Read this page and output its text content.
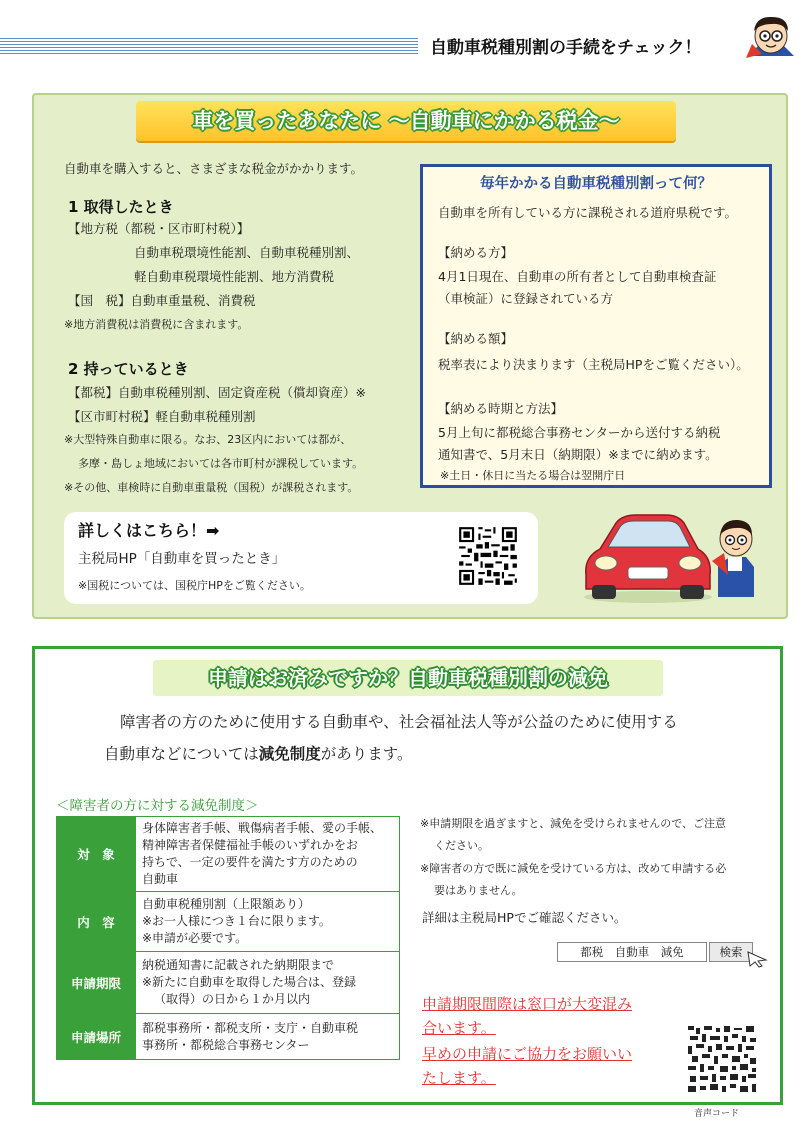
自動車税種別割の手続をチェック！
車を買ったあなたに ～自動車にかかる税金～
自動車を購入すると、さまざまな税金がかかります。
1 取得したとき
【地方税（都税・区市町村税）】
自動車税環境性能割、自動車税種別割、
軽自動車税環境性能割、地方消費税
【国　税】自動車重量税、消費税
※地方消費税は消費税に含まれます。
2 持っているとき
【都税】自動車税種別割、固定資産税（償却資産）※
【区市町村税】軽自動車税種別割
※大型特殊自動車に限る。なお、23区内においては都が、
多摩・島しょ地域においては各市町村が課税しています。
※その他、車検時に自動車重量税（国税）が課税されます。
毎年かかる自動車税種別割って何？
自動車を所有している方に課税される道府県税です。
【納める方】
4月1日現在、自動車の所有者として自動車検査証
（車検証）に登録されている方
【納める額】
税率表により決まります（主税局HPをご覧ください）。
【納める時期と方法】
5月上旬に都税総合事務センターから送付する納税
通知書で、5月末日（納期限）※までに納めます。
※土日・休日に当たる場合は翌開庁日
詳しくはこちら！➡
主税局HP「自動車を買ったとき」
※国税については、国税庁HPをご覧ください。
申請はお済みですか？自動車税種別割の減免
障害者の方のために使用する自動車や、社会福祉法人等が公益のために使用する
自動車などについては減免制度があります。
＜障害者の方に対する減免制度＞
対　象	身体障害者手帳、戦傷病者手帳、愛の手帳、
精神障害者保健福祉手帳のいずれかをお
持ちで、一定の要件を満たす方のための
自動車

内　容	自動車税種別割（上限額あり）
※お一人様につき１台に限ります。
※申請が必要です。

申請期限	納税通知書に記載された納期限まで
※新たに自動車を取得した場合は、登録
（取得）の日から１か月以内

申請場所	都税事務所・都税支所・支庁・自動車税
事務所・都税総合事務センター
※申請期限を過ぎますと、減免を受けられませんので、ご注意
ください。
※障害者の方で既に減免を受けている方は、改めて申請する必
要はありません。
詳細は主税局HPでご確認ください。
都税　自動車　減免	検索
申請期限間際は窓口が大変混み
合います。
早めの申請にご協力をお願いい
たします。
音声コード
